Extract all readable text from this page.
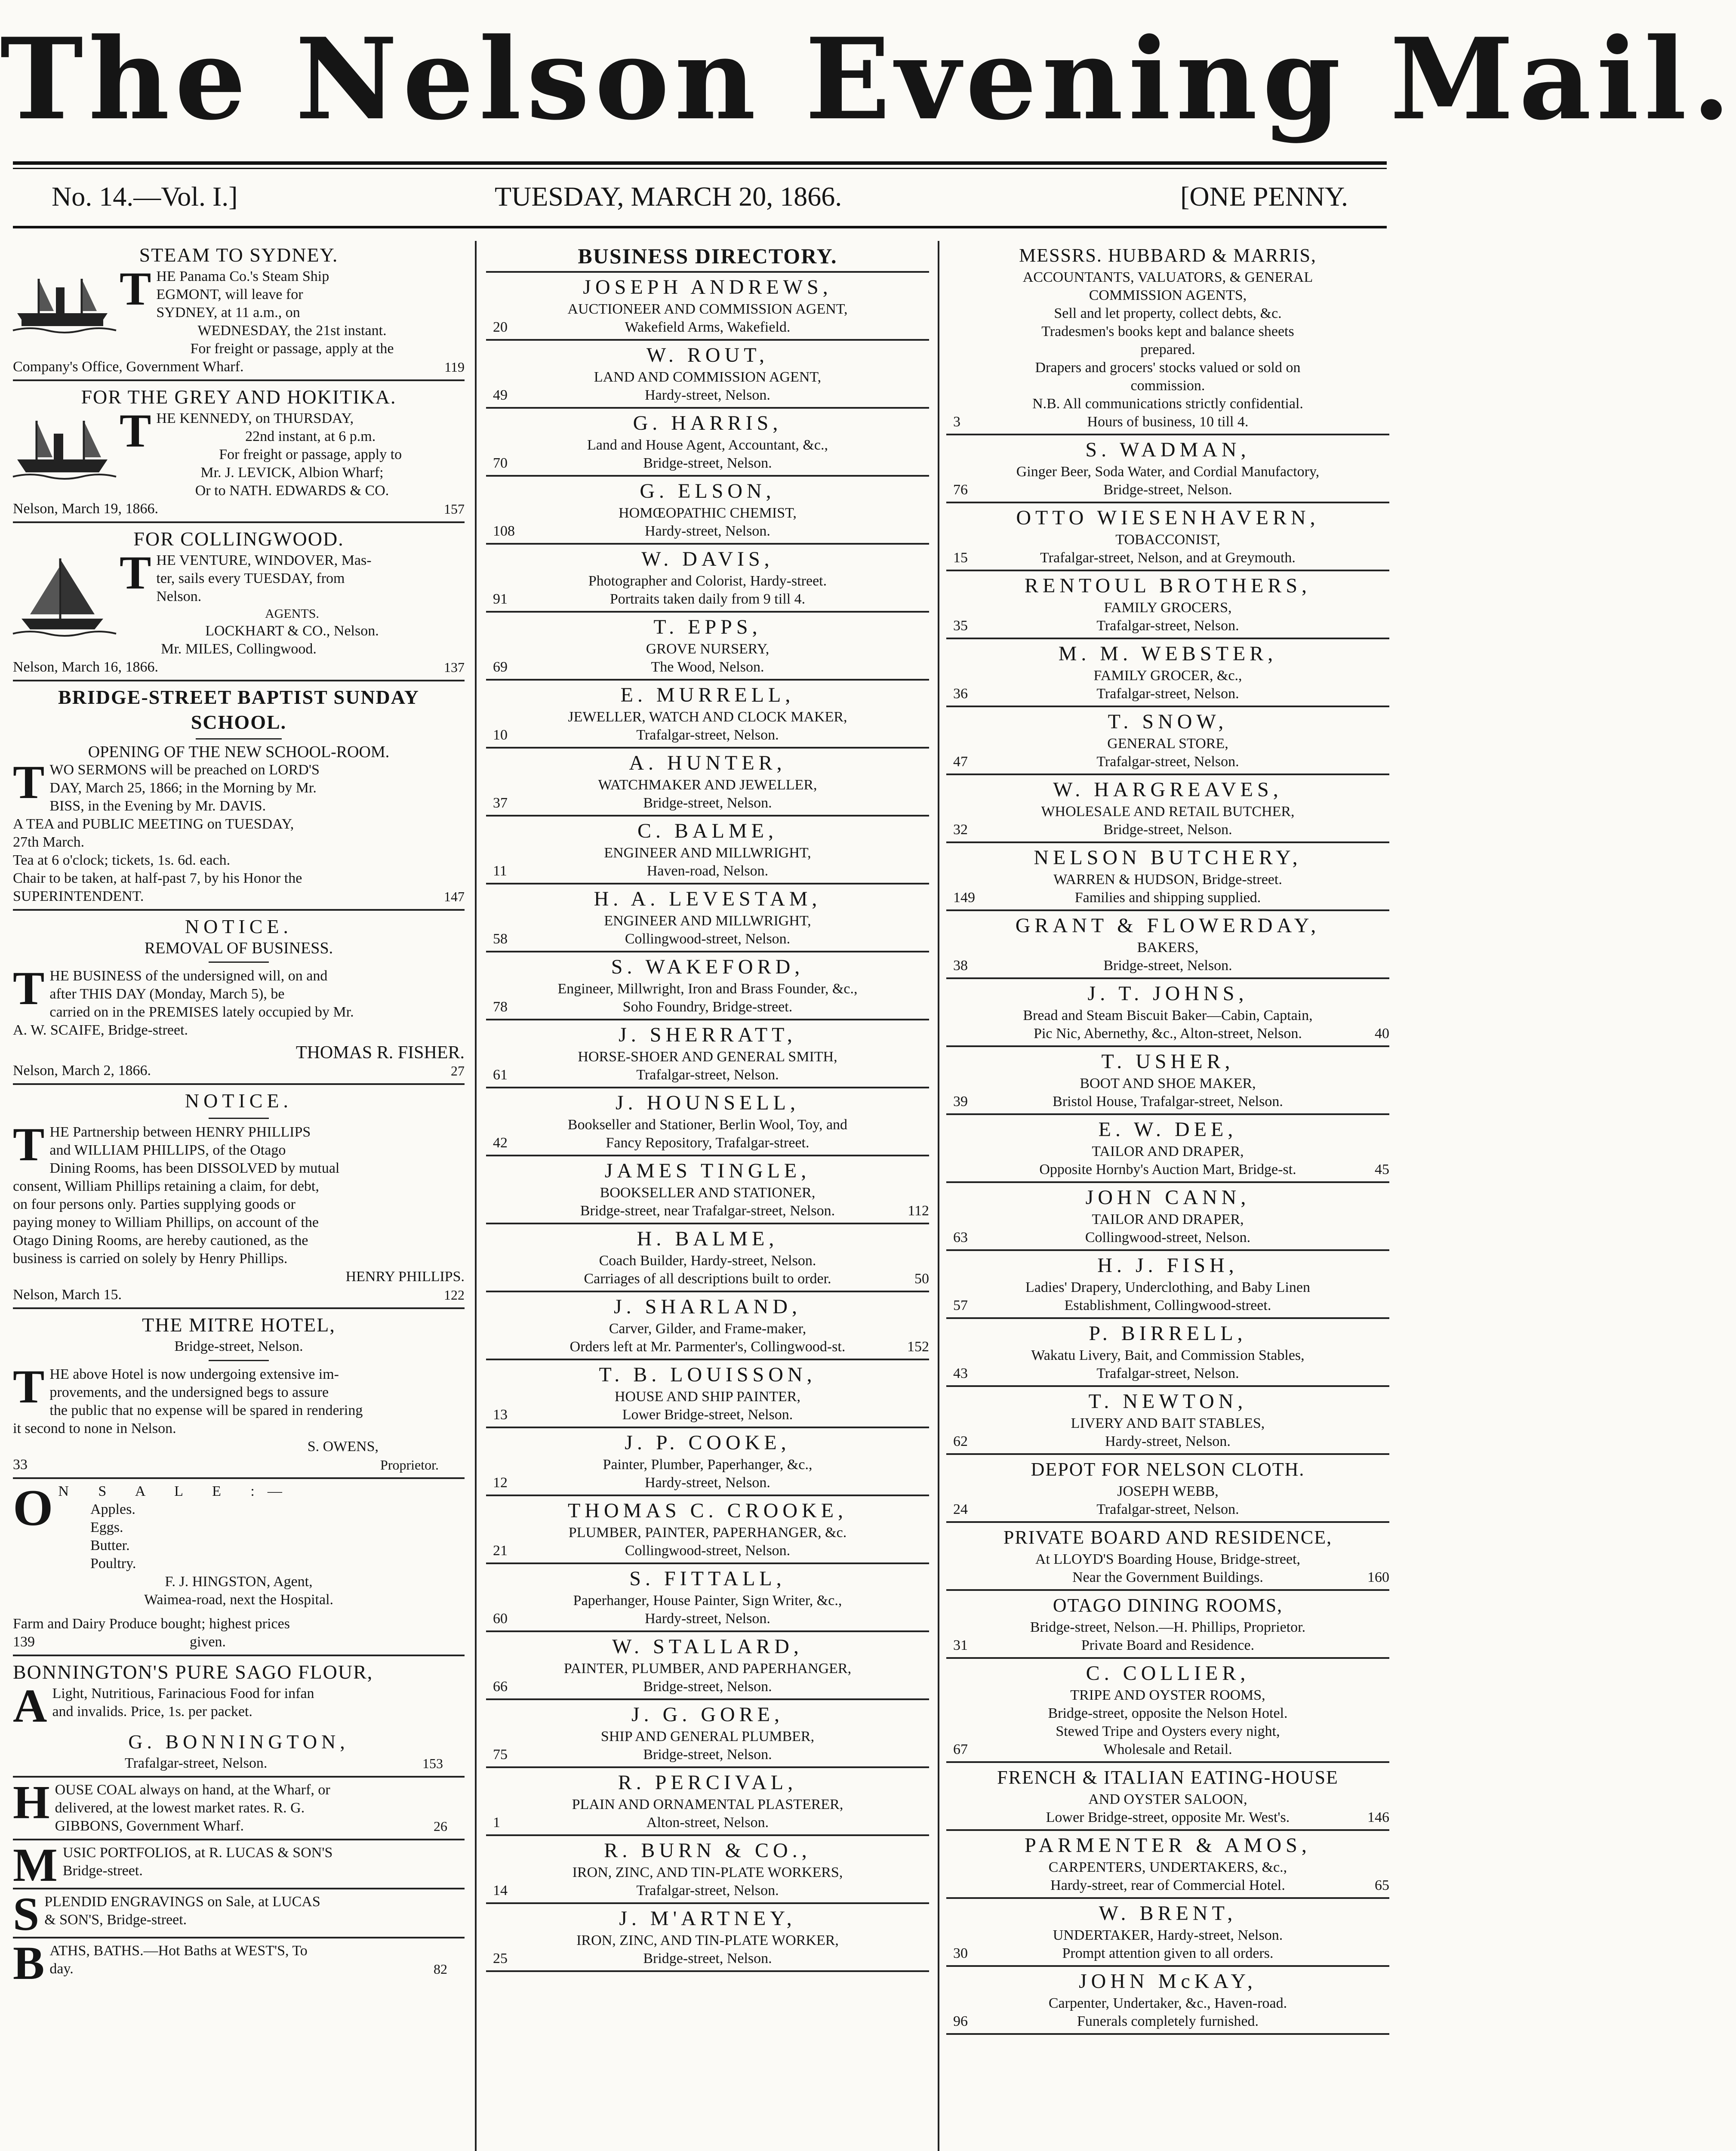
The Nelson Evening Mail.
No. 14.—Vol. I.]	TUESDAY, MARCH 20, 1866.	[ONE PENNY.
STEAM TO SYDNEY.
T HE Panama Co.'s Steam Ship
EGMONT, will leave for
SYDNEY, at 11 a.m., on
WEDNESDAY, the 21st instant.
For freight or passage, apply at the
Company's Office, Government Wharf.	119
FOR THE GREY AND HOKITIKA.
T HE KENNEDY, on THURSDAY,
22nd instant, at 6 p.m.
For freight or passage, apply to
Mr. J. LEVICK, Albion Wharf;
Or to NATH. EDWARDS & CO.
Nelson, March 19, 1866.	157
FOR COLLINGWOOD.
T HE VENTURE, WINDOVER, Mas-
ter, sails every TUESDAY, from
Nelson.
AGENTS.
LOCKHART & CO., Nelson.
Mr. MILES, Collingwood.
Nelson, March 16, 1866.	137
BRIDGE-STREET BAPTIST SUNDAY SCHOOL.
OPENING OF THE NEW SCHOOL-ROOM.
T WO SERMONS will be preached on LORD'S
DAY, March 25, 1866; in the Morning by Mr.
BISS, in the Evening by Mr. DAVIS.
A TEA and PUBLIC MEETING on TUESDAY,
27th March.
Tea at 6 o'clock; tickets, 1s. 6d. each.
Chair to be taken, at half-past 7, by his Honor the
SUPERINTENDENT.	147
NOTICE.
REMOVAL OF BUSINESS.
T HE BUSINESS of the undersigned will, on and
after THIS DAY (Monday, March 5), be
carried on in the PREMISES lately occupied by Mr.
A. W. SCAIFE, Bridge-street.
THOMAS R. FISHER.
Nelson, March 2, 1866.	27
NOTICE.
T HE Partnership between HENRY PHILLIPS
and WILLIAM PHILLIPS, of the Otago
Dining Rooms, has been DISSOLVED by mutual
consent, William Phillips retaining a claim, for debt,
on four persons only. Parties supplying goods or
paying money to William Phillips, on account of the
Otago Dining Rooms, are hereby cautioned, as the
business is carried on solely by Henry Phillips.
HENRY PHILLIPS.
Nelson, March 15.	122
THE MITRE HOTEL,
Bridge-street, Nelson.
T HE above Hotel is now undergoing extensive im-
provements, and the undersigned begs to assure
the public that no expense will be spared in rendering
it second to none in Nelson.
S. OWENS,
33	Proprietor.
O N S A L E :—
Apples.
Eggs.
Butter.
Poultry.
F. J. HINGSTON, Agent,
Waimea-road, next the Hospital.
Farm and Dairy Produce bought; highest prices
139	given.
BONNINGTON'S PURE SAGO FLOUR,
A Light, Nutritious, Farinacious Food for infan
and invalids. Price, 1s. per packet.
G. BONNINGTON,
Trafalgar-street, Nelson.	153
H OUSE COAL always on hand, at the Wharf, or
delivered, at the lowest market rates. R. G.
GIBBONS, Government Wharf.	26
M USIC PORTFOLIOS, at R. LUCAS & SON'S
Bridge-street.
S PLENDID ENGRAVINGS on Sale, at LUCAS
& SON'S, Bridge-street.
B ATHS, BATHS.—Hot Baths at WEST'S, To
day.	82
BUSINESS DIRECTORY.
JOSEPH ANDREWS,
AUCTIONEER AND COMMISSION AGENT,
20	Wakefield Arms, Wakefield.
W. ROUT,
LAND AND COMMISSION AGENT,
49	Hardy-street, Nelson.
G. HARRIS,
Land and House Agent, Accountant, &c.,
70	Bridge-street, Nelson.
G. ELSON,
HOMŒOPATHIC CHEMIST,
108	Hardy-street, Nelson.
W. DAVIS,
Photographer and Colorist, Hardy-street.
91	Portraits taken daily from 9 till 4.
T. EPPS,
GROVE NURSERY,
69	The Wood, Nelson.
E. MURRELL,
JEWELLER, WATCH AND CLOCK MAKER,
10	Trafalgar-street, Nelson.
A. HUNTER,
WATCHMAKER AND JEWELLER,
37	Bridge-street, Nelson.
C. BALME,
ENGINEER AND MILLWRIGHT,
11	Haven-road, Nelson.
H. A. LEVESTAM,
ENGINEER AND MILLWRIGHT,
58	Collingwood-street, Nelson.
S. WAKEFORD,
Engineer, Millwright, Iron and Brass Founder, &c.,
78	Soho Foundry, Bridge-street.
J. SHERRATT,
HORSE-SHOER AND GENERAL SMITH,
61	Trafalgar-street, Nelson.
J. HOUNSELL,
Bookseller and Stationer, Berlin Wool, Toy, and
42	Fancy Repository, Trafalgar-street.
JAMES TINGLE,
BOOKSELLER AND STATIONER,
Bridge-street, near Trafalgar-street, Nelson.	112
H. BALME,
Coach Builder, Hardy-street, Nelson.
Carriages of all descriptions built to order.	50
J. SHARLAND,
Carver, Gilder, and Frame-maker,
Orders left at Mr. Parmenter's, Collingwood-st.	152
T. B. LOUISSON,
HOUSE AND SHIP PAINTER,
13	Lower Bridge-street, Nelson.
J. P. COOKE,
Painter, Plumber, Paperhanger, &c.,
12	Hardy-street, Nelson.
THOMAS C. CROOKE,
PLUMBER, PAINTER, PAPERHANGER, &c.
21	Collingwood-street, Nelson.
S. FITTALL,
Paperhanger, House Painter, Sign Writer, &c.,
60	Hardy-street, Nelson.
W. STALLARD,
PAINTER, PLUMBER, AND PAPERHANGER,
66	Bridge-street, Nelson.
J. G. GORE,
SHIP AND GENERAL PLUMBER,
75	Bridge-street, Nelson.
R. PERCIVAL,
PLAIN AND ORNAMENTAL PLASTERER,
1	Alton-street, Nelson.
R. BURN & CO.,
IRON, ZINC, AND TIN-PLATE WORKERS,
14	Trafalgar-street, Nelson.
J. M'ARTNEY,
IRON, ZINC, AND TIN-PLATE WORKER,
25	Bridge-street, Nelson.
MESSRS. HUBBARD & MARRIS,
ACCOUNTANTS, VALUATORS, & GENERAL
COMMISSION AGENTS,
Sell and let property, collect debts, &c.
Tradesmen's books kept and balance sheets
prepared.
Drapers and grocers' stocks valued or sold on
commission.
N.B. All communications strictly confidential.
3	Hours of business, 10 till 4.
S. WADMAN,
Ginger Beer, Soda Water, and Cordial Manufactory,
76	Bridge-street, Nelson.
OTTO WIESENHAVERN,
TOBACCONIST,
15	Trafalgar-street, Nelson, and at Greymouth.
RENTOUL BROTHERS,
FAMILY GROCERS,
35	Trafalgar-street, Nelson.
M. M. WEBSTER,
FAMILY GROCER, &c.,
36	Trafalgar-street, Nelson.
T. SNOW,
GENERAL STORE,
47	Trafalgar-street, Nelson.
W. HARGREAVES,
WHOLESALE AND RETAIL BUTCHER,
32	Bridge-street, Nelson.
NELSON BUTCHERY,
WARREN & HUDSON, Bridge-street.
149	Families and shipping supplied.
GRANT & FLOWERDAY,
BAKERS,
38	Bridge-street, Nelson.
J. T. JOHNS,
Bread and Steam Biscuit Baker—Cabin, Captain,
Pic Nic, Abernethy, &c., Alton-street, Nelson.	40
T. USHER,
BOOT AND SHOE MAKER,
39	Bristol House, Trafalgar-street, Nelson.
E. W. DEE,
TAILOR AND DRAPER,
Opposite Hornby's Auction Mart, Bridge-st.	45
JOHN CANN,
TAILOR AND DRAPER,
63	Collingwood-street, Nelson.
H. J. FISH,
Ladies' Drapery, Underclothing, and Baby Linen
57	Establishment, Collingwood-street.
P. BIRRELL,
Wakatu Livery, Bait, and Commission Stables,
43	Trafalgar-street, Nelson.
T. NEWTON,
LIVERY AND BAIT STABLES,
62	Hardy-street, Nelson.
DEPOT FOR NELSON CLOTH.
JOSEPH WEBB,
24	Trafalgar-street, Nelson.
PRIVATE BOARD AND RESIDENCE,
At LLOYD'S Boarding House, Bridge-street,
Near the Government Buildings.	160
OTAGO DINING ROOMS,
Bridge-street, Nelson.—H. Phillips, Proprietor.
31	Private Board and Residence.
C. COLLIER,
TRIPE AND OYSTER ROOMS,
Bridge-street, opposite the Nelson Hotel.
Stewed Tripe and Oysters every night,
67	Wholesale and Retail.
FRENCH & ITALIAN EATING-HOUSE
AND OYSTER SALOON,
Lower Bridge-street, opposite Mr. West's.	146
PARMENTER & AMOS,
CARPENTERS, UNDERTAKERS, &c.,
Hardy-street, rear of Commercial Hotel.	65
W. BRENT,
UNDERTAKER, Hardy-street, Nelson.
30	Prompt attention given to all orders.
JOHN McKAY,
Carpenter, Undertaker, &c., Haven-road.
96	Funerals completely furnished.
